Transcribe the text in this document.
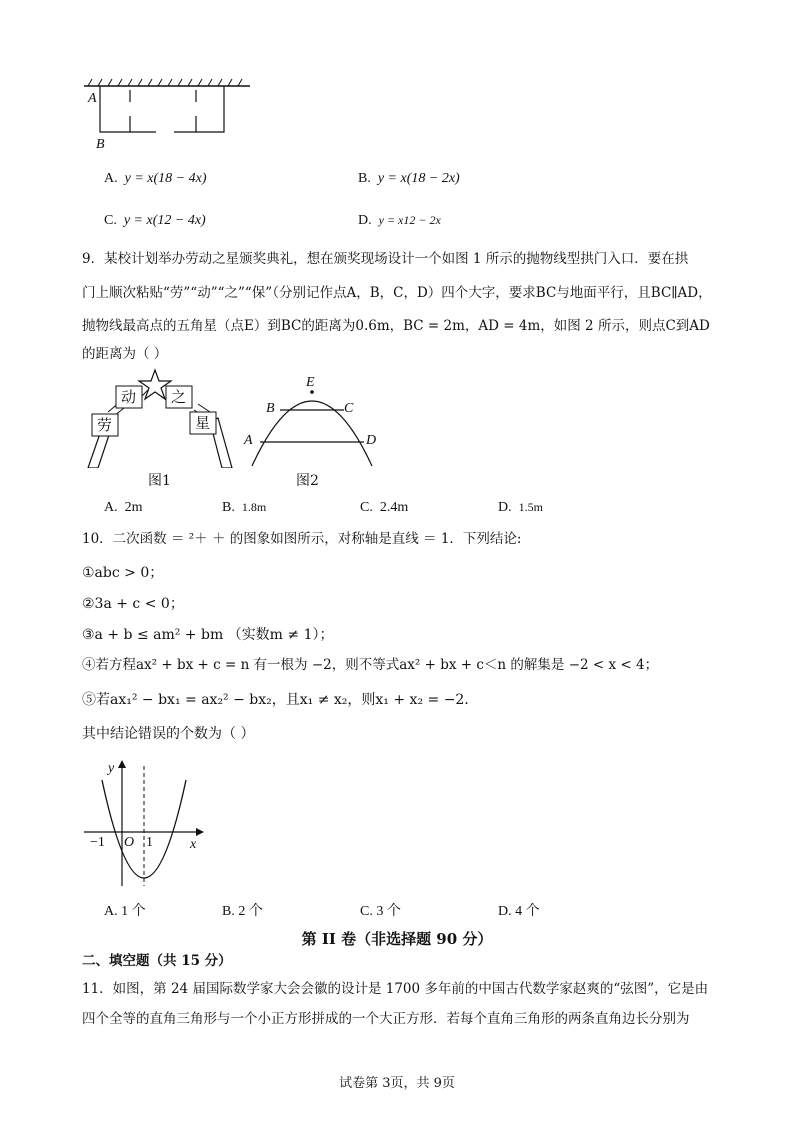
A
B
A. y = x(18 − 4x)	B. y = x(18 − 2x)
C. y = x(12 − 4x)	D. y = x12 − 2x
9．某校计划举办劳动之星颁奖典礼，想在颁奖现场设计一个如图 1 所示的抛物线型拱门入口．要在拱
门上顺次粘贴“劳”“动”“之”“保”（分别记作点A，B，C，D）四个大字，要求BC与地面平行，且BC∥AD，
抛物线最高点的五角星（点E）到BC的距离为0.6m，BC = 2m，AD = 4m，如图 2 所示，则点C到AD
的距离为（ ）
动 之
劳	星
图1
E
B	C
A	D
图2
A. 2m	B. 1.8m	C. 2.4m	D. 1.5m
10．二次函数 ＝ ²＋ ＋ 的图象如图所示，对称轴是直线 ＝ 1．下列结论:
①abc > 0；
②3a + c < 0；
③a + b ≤ am² + bm （实数m ≠ 1）；
④若方程ax² + bx + c = n 有一根为 −2，则不等式ax² + bx + c＜n 的解集是 −2 < x < 4；
⑤若ax₁² − bx₁ = ax₂² − bx₂，且x₁ ≠ x₂，则x₁ + x₂ = −2．
其中结论错误的个数为（ ）
y
x
O
−1	1
A. 1 个	B. 2 个	C. 3 个	D. 4 个
第 II 卷（非选择题 90 分）
二、填空题（共 15 分）
11．如图，第 24 届国际数学家大会会徽的设计是 1700 多年前的中国古代数学家赵爽的“弦图”，它是由
四个全等的直角三角形与一个小正方形拼成的一个大正方形．若每个直角三角形的两条直角边长分别为
试卷第 3页，共 9页
